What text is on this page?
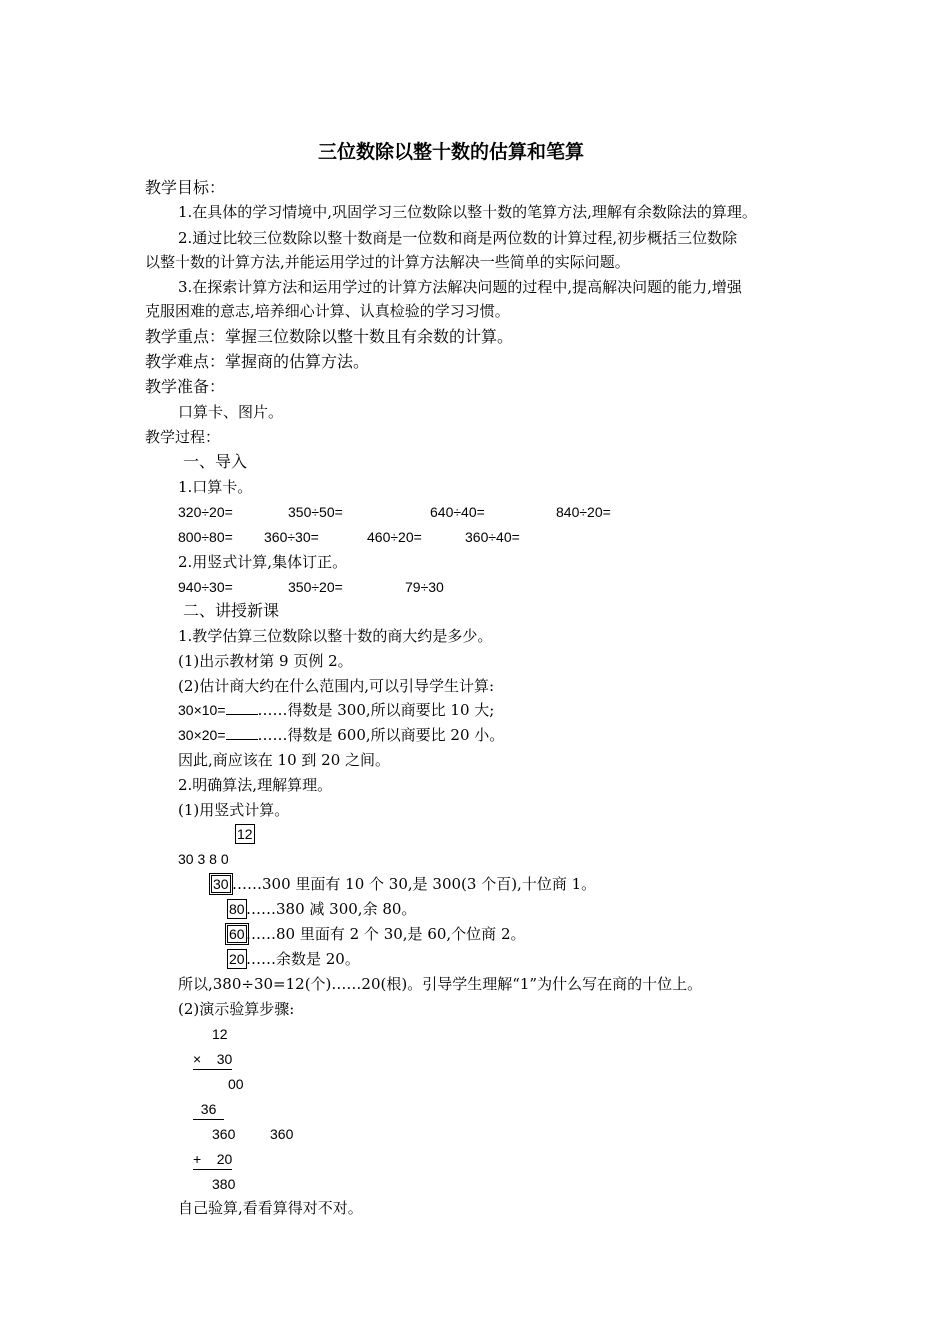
三位数除以整十数的估算和笔算
教学目标：
1.在具体的学习情境中,巩固学习三位数除以整十数的笔算方法,理解有余数除法的算理。
2.通过比较三位数除以整十数商是一位数和商是两位数的计算过程,初步概括三位数除
以整十数的计算方法,并能运用学过的计算方法解决一些简单的实际问题。
3.在探索计算方法和运用学过的计算方法解决问题的过程中,提高解决问题的能力,增强
克服困难的意志,培养细心计算、认真检验的学习习惯。
教学重点：掌握三位数除以整十数且有余数的计算。
教学难点：掌握商的估算方法。
教学准备：
口算卡、图片。
教学过程：
一、导入
1.口算卡。
320÷20=	350÷50=	640÷40=	840÷20=
800÷80= 360÷30=	460÷20=	360÷40=
2.用竖式计算,集体订正。
940÷30=	350÷20=	79÷30
二、讲授新课
1.教学估算三位数除以整十数的商大约是多少。
(1)出示教材第 9 页例 2。
(2)估计商大约在什么范围内,可以引导学生计算:
30×10= ……得数是 300,所以商要比 10 大;
30×20= ……得数是 600,所以商要比 20 小。
因此,商应该在 10 到 20 之间。
2.明确算法,理解算理。
(1)用竖式计算。
12
30 3 8 0
30 ……300 里面有 10 个 30,是 300(3 个百),十位商 1。
80 ……380 减 300,余 80。
60 ……80 里面有 2 个 30,是 60,个位商 2。
20 ……余数是 20。
所以,380÷30=12(个)……20(根)。引导学生理解“1”为什么写在商的十位上。
(2)演示验算步骤:
12
×    30
00
36
360 360
+    20
380
自己验算,看看算得对不对。
